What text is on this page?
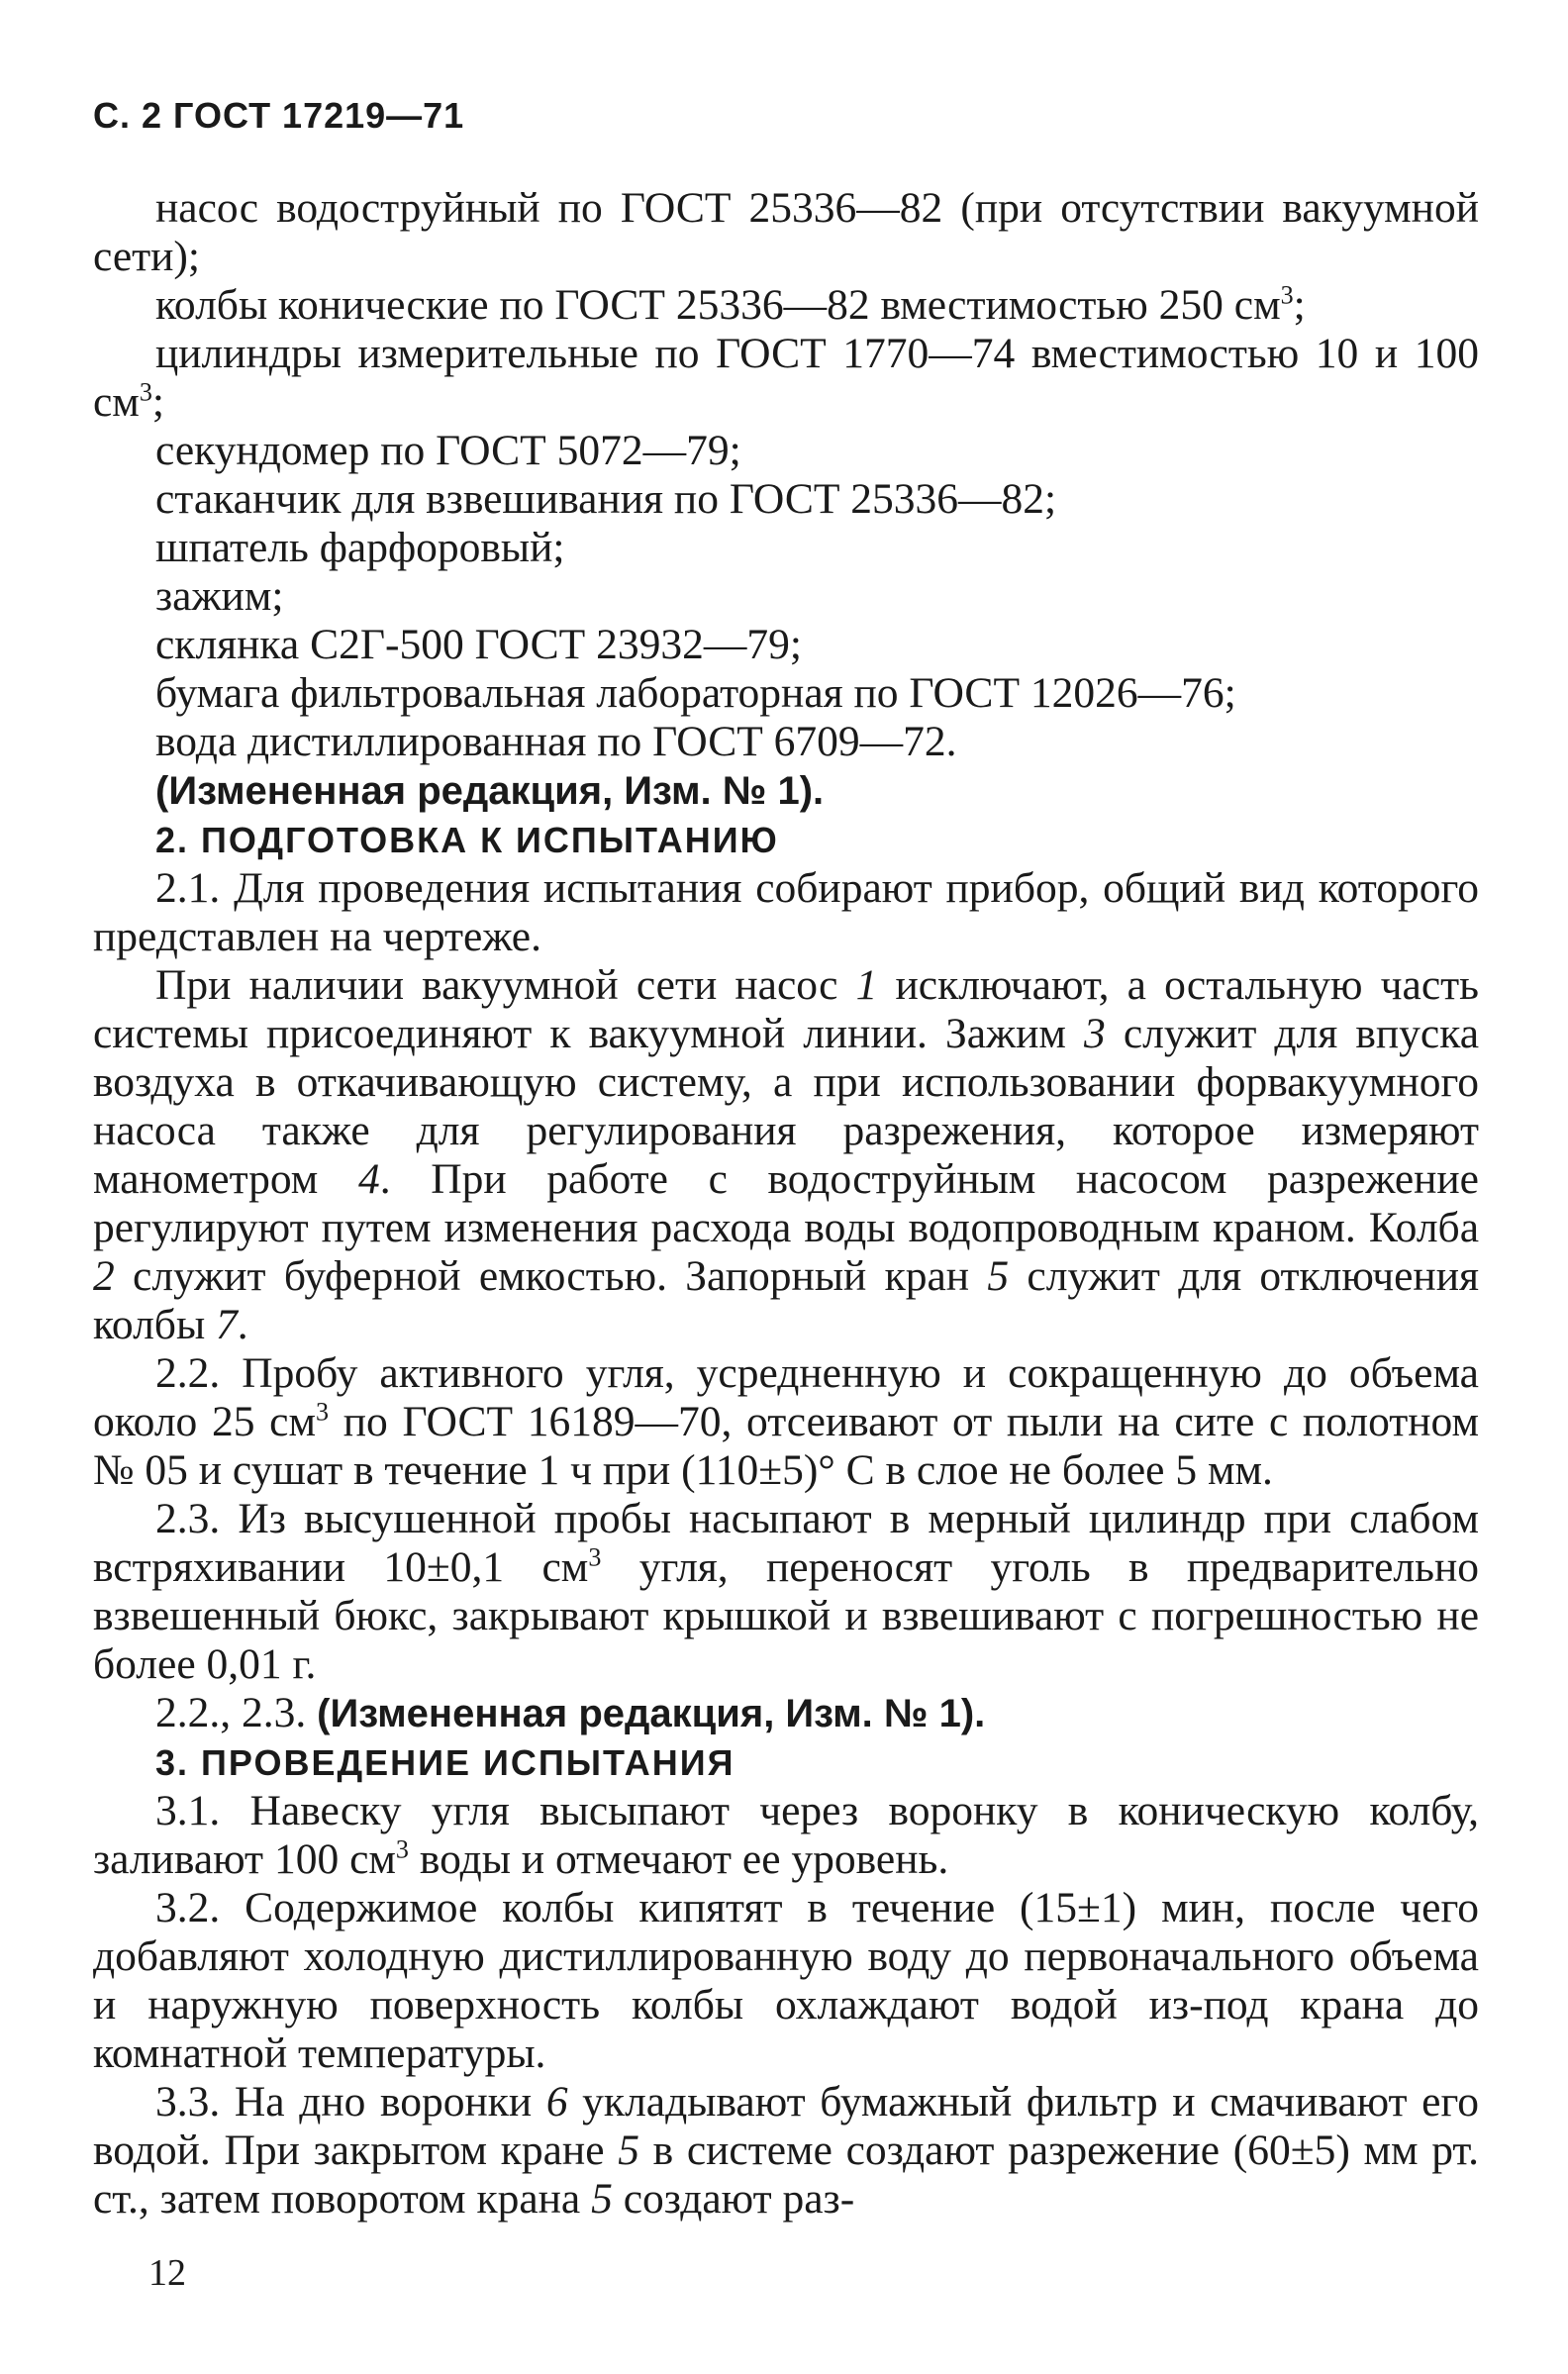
С. 2 ГОСТ 17219—71

насос водоструйный по ГОСТ 25336—82 (при отсутствии вакуумной сети);

колбы конические по ГОСТ 25336—82 вместимостью 250 $см^3$;

цилиндры измерительные по ГОСТ 1770—74 вместимостью 10 и 100 $см^3$;

секундомер по ГОСТ 5072—79;

стаканчик для взвешивания по ГОСТ 25336—82;

шпатель фарфоровый;

зажим;

склянка С2Г-500 ГОСТ 23932—79;

бумага фильтровальная лабораторная по ГОСТ 12026—76;

вода дистиллированная по ГОСТ 6709—72.

(Измененная редакция, Изм. № 1).

2. ПОДГОТОВКА К ИСПЫТАНИЮ

2.1. Для проведения испытания собирают прибор, общий вид которого представлен на чертеже.

При наличии вакуумной сети насос 1 исключают, а остальную часть системы присоединяют к вакуумной линии. Зажим 3 служит для впуска воздуха в откачивающую систему, а при использовании форвакуумного насоса также для регулирования разрежения, которое измеряют манометром 4. При работе с водоструйным насосом разрежение регулируют путем изменения расхода воды водопроводным краном. Колба 2 служит буферной емкостью. Запорный кран 5 служит для отключения колбы 7.

2.2. Пробу активного угля, усредненную и сокращенную до объема около 25 $см^3$ по ГОСТ 16189—70, отсеивают от пыли на сите с полотном № 05 и сушат в течение 1 ч при (110±5)° С в слое не более 5 мм.

2.3. Из высушенной пробы насыпают в мерный цилиндр при слабом встряхивании 10±0,1 $см^3$ угля, переносят уголь в предварительно взвешенный бюкс, закрывают крышкой и взвешивают с погрешностью не более 0,01 г.

2.2., 2.3. (Измененная редакция, Изм. № 1).

3. ПРОВЕДЕНИЕ ИСПЫТАНИЯ

3.1. Навеску угля высыпают через воронку в коническую колбу, заливают 100 $см^3$ воды и отмечают ее уровень.

3.2. Содержимое колбы кипятят в течение (15±1) мин, после чего добавляют холодную дистиллированную воду до первоначального объема и наружную поверхность колбы охлаждают водой из-под крана до комнатной температуры.

3.3. На дно воронки 6 укладывают бумажный фильтр и смачивают его водой. При закрытом кране 5 в системе создают разрежение (60±5) мм рт. ст., затем поворотом крана 5 создают раз-

12
